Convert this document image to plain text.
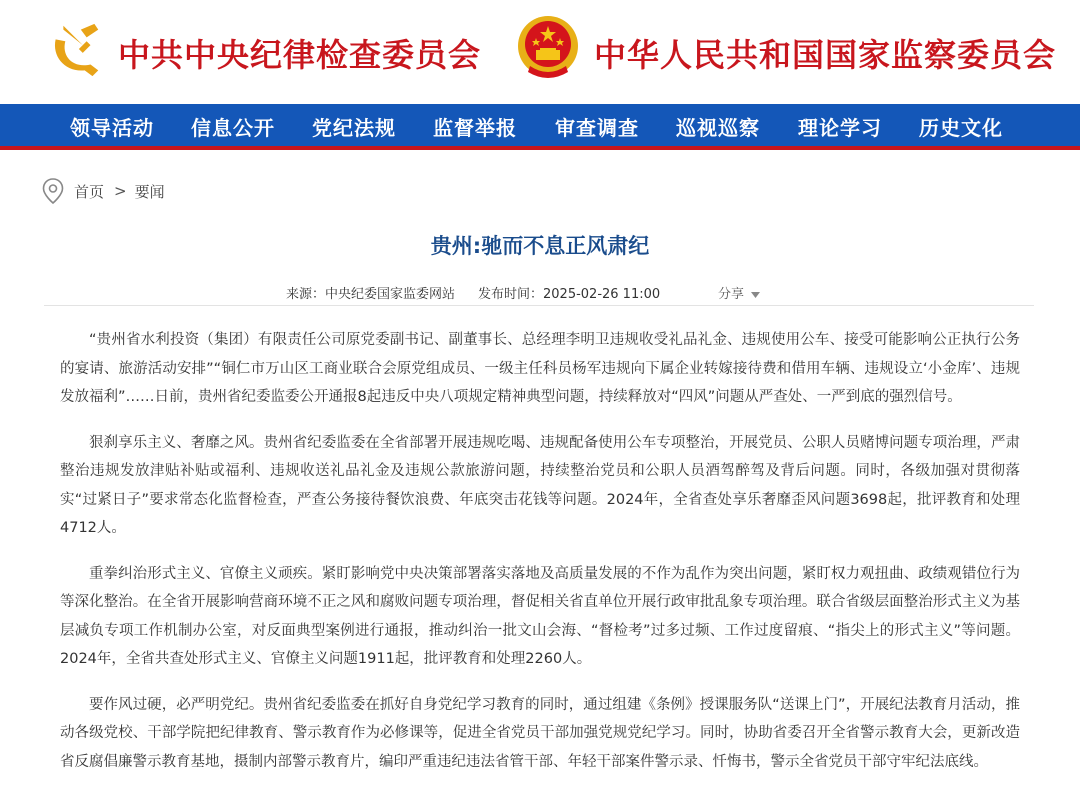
中共中央纪律检查委员会	中华人民共和国国家监察委员会
领导活动 信息公开 党纪法规 监督举报 审查调查 巡视巡察 理论学习 历史文化
首页 > 要闻
贵州:驰而不息正风肃纪
来源：中央纪委国家监委网站 发布时间：2025-02-26 11:00	分享

“贵州省水利投资（集团）有限责任公司原党委副书记、副董事长、总经理李明卫违规收受礼品礼金、违规使用公车、接受可能影响公正执行公务的宴请、旅游活动安排”“铜仁市万山区工商业联合会原党组成员、一级主任科员杨军违规向下属企业转嫁接待费和借用车辆、违规设立‘小金库’、违规发放福利”……日前，贵州省纪委监委公开通报8起违反中央八项规定精神典型问题，持续释放对“四风”问题从严查处、一严到底的强烈信号。

狠刹享乐主义、奢靡之风。贵州省纪委监委在全省部署开展违规吃喝、违规配备使用公车专项整治，开展党员、公职人员赌博问题专项治理，严肃整治违规发放津贴补贴或福利、违规收送礼品礼金及违规公款旅游问题，持续整治党员和公职人员酒驾醉驾及背后问题。同时，各级加强对贯彻落实“过紧日子”要求常态化监督检查，严查公务接待餐饮浪费、年底突击花钱等问题。2024年，全省查处享乐奢靡歪风问题3698起，批评教育和处理4712人。

重拳纠治形式主义、官僚主义顽疾。紧盯影响党中央决策部署落实落地及高质量发展的不作为乱作为突出问题，紧盯权力观扭曲、政绩观错位行为等深化整治。在全省开展影响营商环境不正之风和腐败问题专项治理，督促相关省直单位开展行政审批乱象专项治理。联合省级层面整治形式主义为基层减负专项工作机制办公室，对反面典型案例进行通报，推动纠治一批文山会海、“督检考”过多过频、工作过度留痕、“指尖上的形式主义”等问题。2024年，全省共查处形式主义、官僚主义问题1911起，批评教育和处理2260人。

要作风过硬，必严明党纪。贵州省纪委监委在抓好自身党纪学习教育的同时，通过组建《条例》授课服务队“送课上门”，开展纪法教育月活动，推动各级党校、干部学院把纪律教育、警示教育作为必修课等，促进全省党员干部加强党规党纪学习。同时，协助省委召开全省警示教育大会，更新改造省反腐倡廉警示教育基地，摄制内部警示教育片，编印严重违纪违法省管干部、年轻干部案件警示录、忏悔书，警示全省党员干部守牢纪法底线。
